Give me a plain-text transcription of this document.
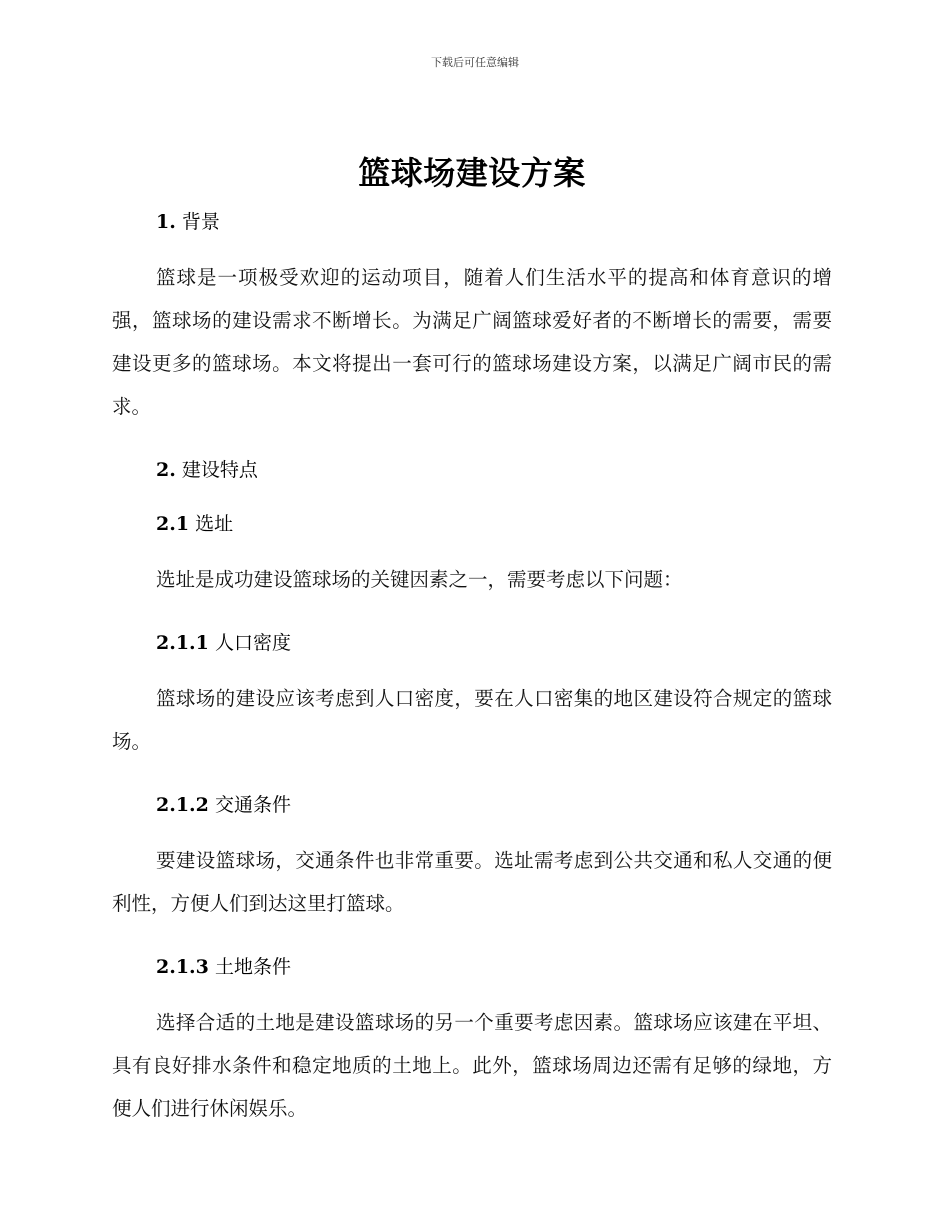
下载后可任意编辑
篮球场建设方案
1. 背景

篮球是一项极受欢迎的运动项目，随着人们生活水平的提高和体育意识的增强，篮球场的建设需求不断增长。为满足广阔篮球爱好者的不断增长的需要，需要建设更多的篮球场。本文将提出一套可行的篮球场建设方案，以满足广阔市民的需求。

2. 建设特点
2.1 选址

选址是成功建设篮球场的关键因素之一，需要考虑以下问题：

2.1.1 人口密度

篮球场的建设应该考虑到人口密度，要在人口密集的地区建设符合规定的篮球场。

2.1.2 交通条件

要建设篮球场，交通条件也非常重要。选址需考虑到公共交通和私人交通的便利性，方便人们到达这里打篮球。

2.1.3 土地条件

选择合适的土地是建设篮球场的另一个重要考虑因素。篮球场应该建在平坦、具有良好排水条件和稳定地质的土地上。此外，篮球场周边还需有足够的绿地，方便人们进行休闲娱乐。
